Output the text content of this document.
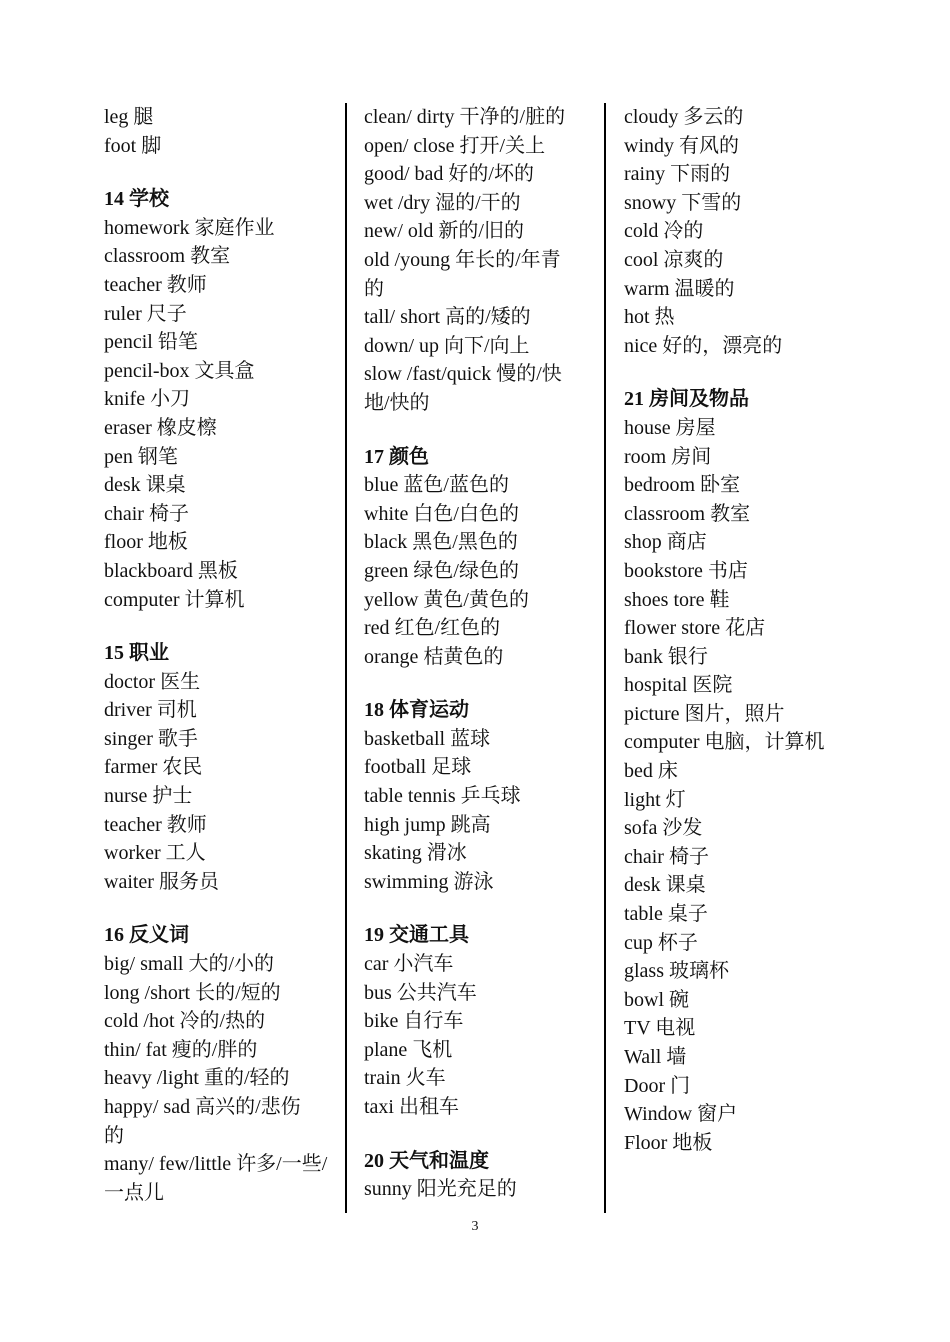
leg 腿
foot 脚
14 学校
homework 家庭作业
classroom 教室
teacher 教师
ruler 尺子
pencil 铅笔
pencil-box 文具盒
knife 小刀
eraser 橡皮檫
pen 钢笔
desk 课桌
chair 椅子
floor 地板
blackboard 黑板
computer 计算机
15 职业
doctor 医生
driver 司机
singer 歌手
farmer 农民
nurse 护士
teacher 教师
worker 工人
waiter 服务员
16 反义词
big/ small 大的/小的
long /short 长的/短的
cold /hot 冷的/热的
thin/ fat 瘦的/胖的
heavy /light 重的/轻的
happy/ sad 高兴的/悲伤
的
many/ few/little 许多/一些/
一点儿
clean/ dirty 干净的/脏的
open/ close 打开/关上
good/ bad 好的/坏的
wet /dry 湿的/干的
new/ old 新的/旧的
old /young 年长的/年青
的
tall/ short 高的/矮的
down/ up 向下/向上
slow /fast/quick 慢的/快
地/快的
17 颜色
blue 蓝色/蓝色的
white 白色/白色的
black 黑色/黑色的
green 绿色/绿色的
yellow 黄色/黄色的
red 红色/红色的
orange 桔黄色的
18 体育运动
basketball 蓝球
football 足球
table tennis 乒乓球
high jump 跳高
skating 滑冰
swimming 游泳
19 交通工具
car 小汽车
bus 公共汽车
bike 自行车
plane 飞机
train 火车
taxi 出租车
20 天气和温度
sunny 阳光充足的
cloudy 多云的
windy 有风的
rainy 下雨的
snowy 下雪的
cold 冷的
cool 凉爽的
warm 温暖的
hot 热
nice 好的，漂亮的
21 房间及物品
house 房屋
room 房间
bedroom 卧室
classroom 教室
shop 商店
bookstore 书店
shoes tore 鞋
flower store 花店
bank 银行
hospital 医院
picture 图片，照片
computer 电脑，计算机
bed 床
light 灯
sofa 沙发
chair 椅子
desk 课桌
table 桌子
cup 杯子
glass 玻璃杯
bowl 碗
TV 电视
Wall 墙
Door 门
Window 窗户
Floor 地板
3
